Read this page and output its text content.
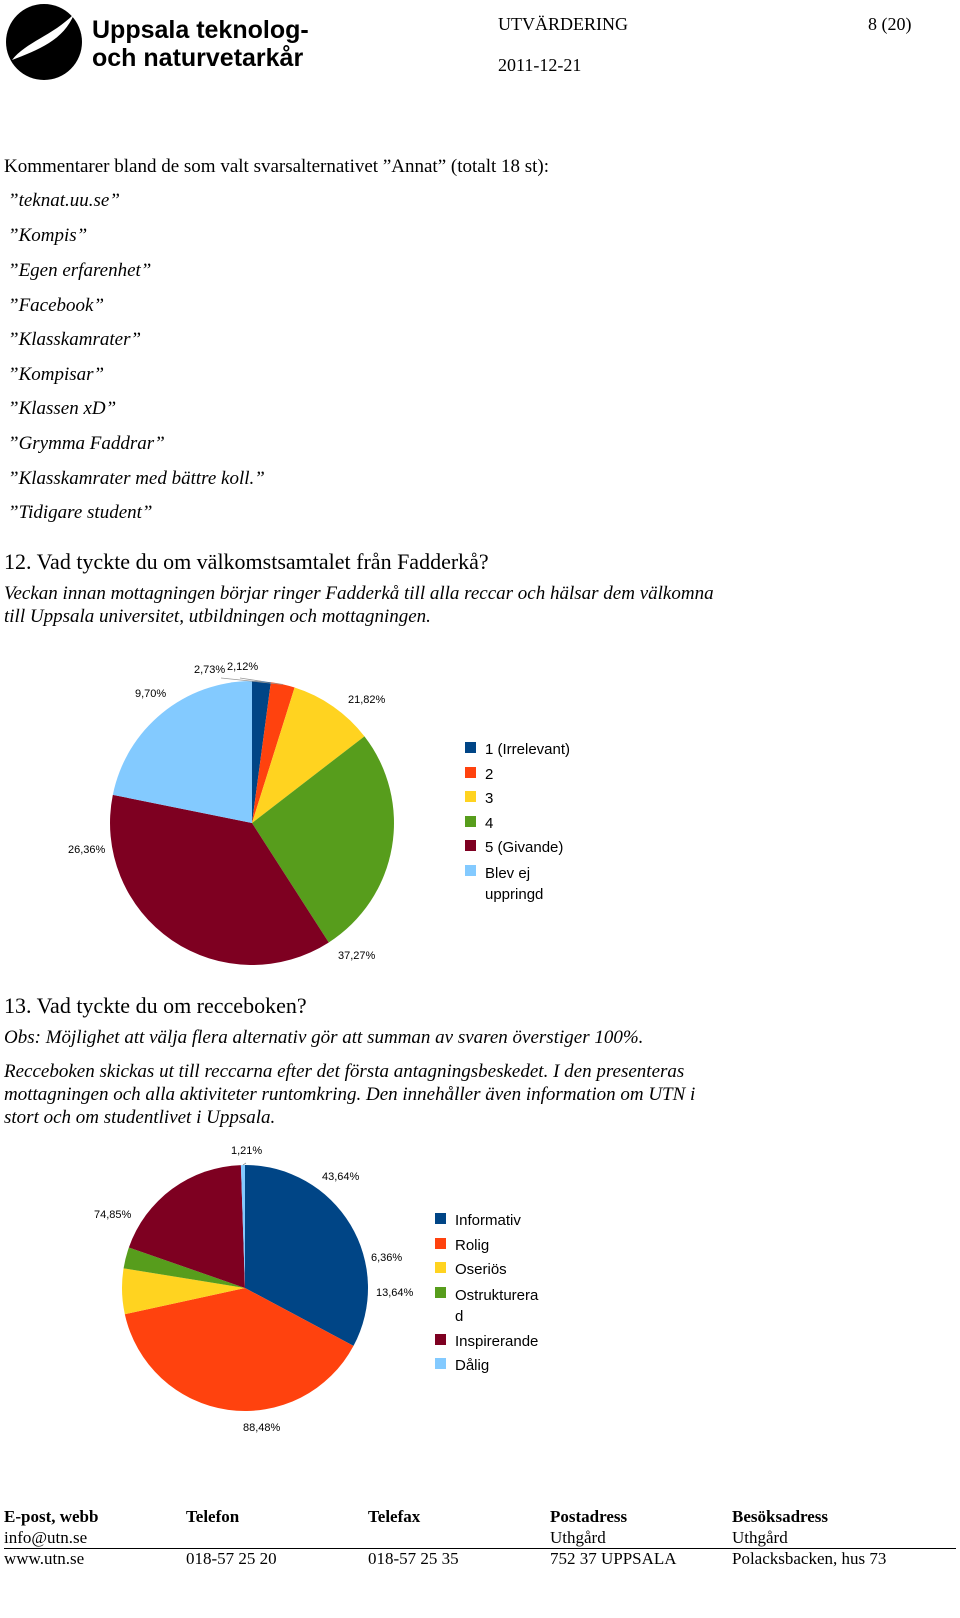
Uppsala teknolog-
och naturvetarkår
UTVÄRDERING	8 (20)
2011-12-21
Kommentarer bland de som valt svarsalternativet ”Annat” (totalt 18 st):
”teknat.uu.se”
”Kompis”
”Egen erfarenhet”
”Facebook”
”Klasskamrater”
”Kompisar”
”Klassen xD”
”Grymma Faddrar”
”Klasskamrater med bättre koll.”
”Tidigare student”
12. Vad tyckte du om välkomstsamtalet från Fadderkå?
Veckan innan mottagningen börjar ringer Fadderkå till alla reccar och hälsar dem välkomna
till Uppsala universitet, utbildningen och mottagningen.
2,12%
2,73%
9,70%
26,36%
37,27%
21,82%
1 (Irrelevant)
2
3
4
5 (Givande)
Blev ej
uppringd
13. Vad tyckte du om recceboken?
Obs: Möjlighet att välja flera alternativ gör att summan av svaren överstiger 100%.
Recceboken skickas ut till reccarna efter det första antagningsbeskedet. I den presenteras
mottagningen och alla aktiviteter runtomkring. Den innehåller även information om UTN i
stort och om studentlivet i Uppsala.
74,85%
88,48%
13,64%
6,36%
43,64%
1,21%
Informativ
Rolig
Oseriös
Ostrukturera
d
Inspirerande
Dålig
E-post, webb
info@utn.se
www.utn.se
Telefon
018-57 25 20
Telefax
018-57 25 35
Postadress
Uthgård
752 37 UPPSALA
Besöksadress
Uthgård
Polacksbacken, hus 73
